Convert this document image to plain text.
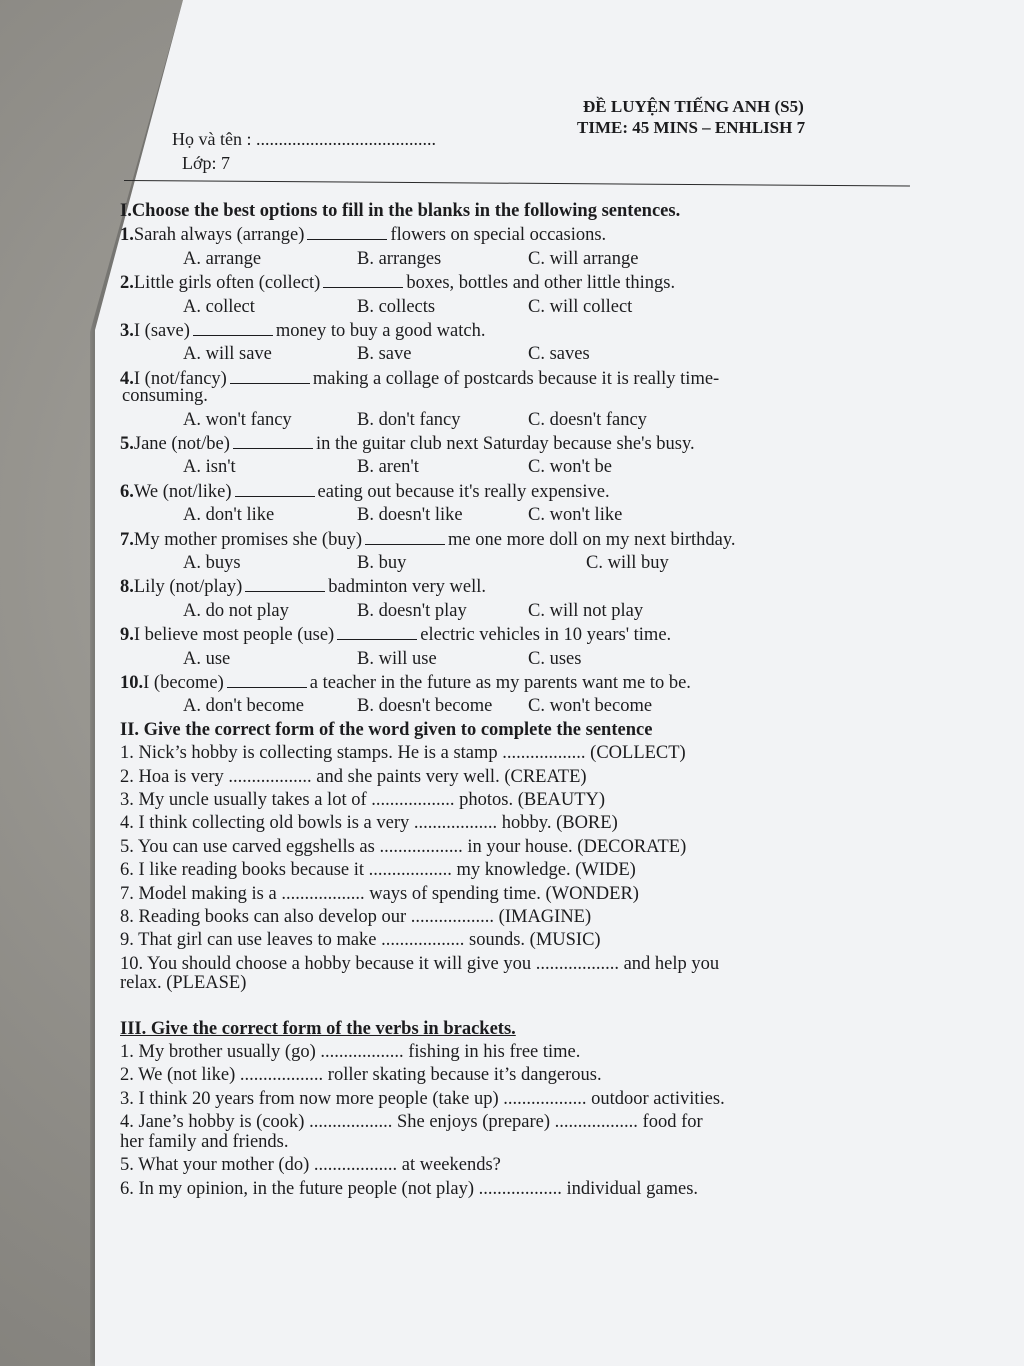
ĐỀ LUYỆN TIẾNG ANH (S5)
TIME: 45 MINS – ENHLISH 7
Họ và tên : ........................................
Lớp: 7
I.Choose the best options to fill in the blanks in the following sentences.
1.Sarah always (arrange)	flowers on special occasions.
A. arrange	B. arranges	C. will arrange
2.Little girls often (collect)	boxes, bottles and other little things.
A. collect	B. collects	C. will collect
3.I (save)	money to buy a good watch.
A. will save	B. save	C. saves
4.I (not/fancy)	making a collage of postcards because it is really time-
consuming.
A. won't fancy	B. don't fancy	C. doesn't fancy
5.Jane (not/be)	in the guitar club next Saturday because she's busy.
A. isn't	B. aren't	C. won't be
6.We (not/like)	eating out because it's really expensive.
A. don't like	B. doesn't like	C. won't like
7.My mother promises she (buy)	me one more doll on my next birthday.
A. buys	B. buy	C. will buy
8.Lily (not/play)	badminton very well.
A. do not play	B. doesn't play	C. will not play
9.I believe most people (use)	electric vehicles in 10 years' time.
A. use	B. will use	C. uses
10.I (become)	a teacher in the future as my parents want me to be.
A. don't become	B. doesn't become C. won't become
II. Give the correct form of the word given to complete the sentence
1. Nick’s hobby is collecting stamps. He is a stamp .................. (COLLECT)
2. Hoa is very .................. and she paints very well. (CREATE)
3. My uncle usually takes a lot of .................. photos. (BEAUTY)
4. I think collecting old bowls is a very .................. hobby. (BORE)
5. You can use carved eggshells as .................. in your house. (DECORATE)
6. I like reading books because it .................. my knowledge. (WIDE)
7. Model making is a .................. ways of spending time. (WONDER)
8. Reading books can also develop our .................. (IMAGINE)
9. That girl can use leaves to make .................. sounds. (MUSIC)
10. You should choose a hobby because it will give you .................. and help you
relax. (PLEASE)
III. Give the correct form of the verbs in brackets.
1. My brother usually (go) .................. fishing in his free time.
2. We (not like) .................. roller skating because it’s dangerous.
3. I think 20 years from now more people (take up) .................. outdoor activities.
4. Jane’s hobby is (cook) .................. She enjoys (prepare) .................. food for
her family and friends.
5. What your mother (do) .................. at weekends?
6. In my opinion, in the future people (not play) .................. individual games.
